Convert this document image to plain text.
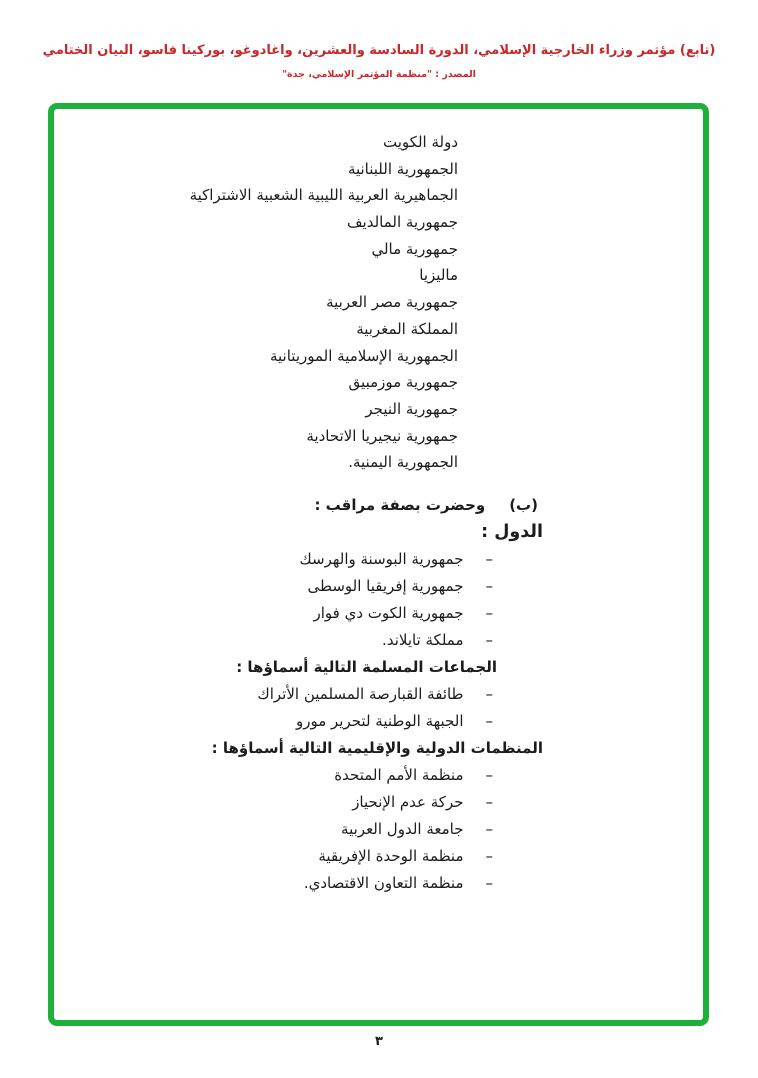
(تابع) مؤتمر وزراء الخارجية الإسلامي، الدورة السادسة والعشرين، واغادوغو، بوركينا فاسو، البيان الختامي
المصدر : "منظمة المؤتمر الإسلامي، جدة"
دولة الكويت
الجمهورية اللبنانية
الجماهيرية العربية الليبية الشعبية الاشتراكية
جمهورية المالديف
جمهورية مالي
ماليزيا
جمهورية مصر العربية
المملكة المغربية
الجمهورية الإسلامية الموريتانية
جمهورية موزمبيق
جمهورية النيجر
جمهورية نيجيريا الاتحادية
الجمهورية اليمنية.
(ب)وحضرت بصفة مراقب :
الدول :
–جمهورية البوسنة والهرسك
–جمهورية إفريقيا الوسطى
–جمهورية الكوت دي فوار
–مملكة تايلاند.
الجماعات المسلمة التالية أسماؤها :
–طائفة القبارصة المسلمين الأتراك
–الجبهة الوطنية لتحرير مورو
المنظمات الدولية والإقليمية التالية أسماؤها :
–منظمة الأمم المتحدة
–حركة عدم الإنحياز
–جامعة الدول العربية
–منظمة الوحدة الإفريقية
–منظمة التعاون الاقتصادي.
٣
